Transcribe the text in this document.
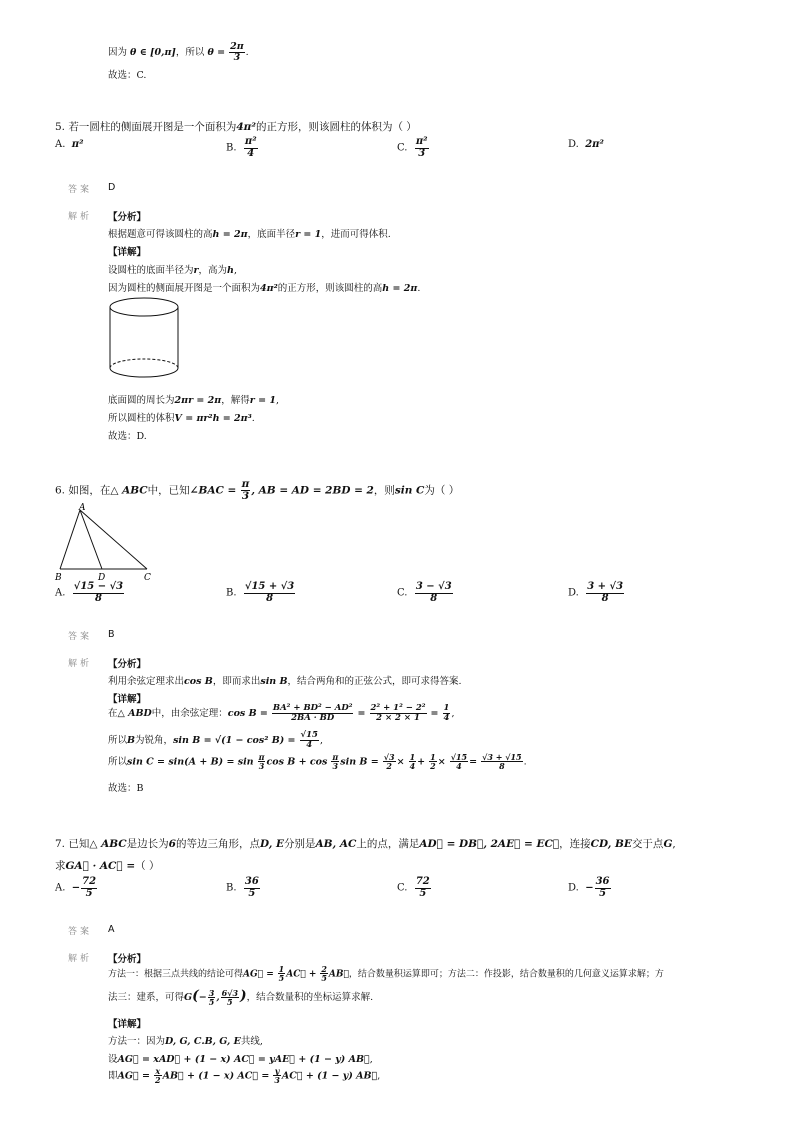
因为 θ ∈ [0,π]，所以 $\theta = \frac{2\pi}{3}$ .
故选：C.
5. 若一圆柱的侧面展开图是一个面积为4π²的正方形，则该圆柱的体积为（ ）
A. π²	B. $\frac{\text{π²}}{4}$	C. $\frac{\text{π²}}{3}$	D. 2π²
答案 D
解析 【分析】
根据题意可得该圆柱的高h = 2π，底面半径r = 1，进而可得体积.
【详解】
设圆柱的底面半径为r，高为h,
因为圆柱的侧面展开图是一个面积为4π²的正方形，则该圆柱的高h = 2π.
底面圆的周长为2πr = 2π，解得r = 1,
所以圆柱的体积V = πr²h = 2π³.
故选：D.
6. 如图，在△ ABC中，已知∠BAC = $\frac{\pi}{3}$ , AB = AD = 2BD = 2，则sin C为（ ）
A
B	D	C
A. $\frac{√15 - √3}{8}$	B. $\frac{√15 + √3}{8}$	C. $\frac{3 - √3}{8}$	D. $\frac{3 + √3}{8}$
答案 B
解析 【分析】
利用余弦定理求出cos B，即而求出sin B，结合两角和的正弦公式，即可求得答案.
【详解】
在△ ABD中，由余弦定理：$\cos B = \frac{\text{BA² + BD² − AD²}}{2BA \cdot BD} = \frac{\text{2² + 1² − 2²}}{2 \times 2 \times 1} = \frac{1}{4}$ ,
所以B为锐角，sin B = √(1 − cos² $B) = \frac{√15}{4}$ ,
所以$\sin C = \sin(A + B) = \sin \frac{\pi}{3}$ $\cos B + \cos \frac{\pi}{3}$ $\sin B = \frac{√3}{2} \times \frac{1}{4} + \frac{1}{2} \times \frac{√15}{4} = \frac{√3 + √15}{8}$ .
故选：B
7. 已知△ ABC是边长为6的等边三角形，点D, E分别是AB, AC上的点，满足AD⃗ = DB⃗, 2AE⃗ = EC⃗，连接CD, BE交于点G,
求GA⃗ · AC⃗ =（ ）
A. − $\frac{72}{5}$	B. $\frac{36}{5}$	C. $\frac{72}{5}$	D. − $\frac{36}{5}$
答案 A
解析 【分析】
方法一：根据三点共线的结论可得AG⃗ = $\frac{1}{5}$ AC⃗ + $\frac{2}{5}$ AB⃗，结合数量积运算即可；方法二：作投影，结合数量积的几何意义运算求解；方
法三：建系，可得$G(- \frac{3}{5}$ , $\frac{6√3}{5}$ )，结合数量积的坐标运算求解.
【详解】
方法一：因为D, G, C.B, G, E共线,
设AG⃗ = xAD⃗ + (1 − x) AC⃗ = yAE⃗ + (1 − y) AB⃗,
即AG⃗ = $\frac{x}{2}$ AB⃗ + (1 − x) AC⃗ = $\frac{y}{3}$ AC⃗ + (1 − y) AB⃗,
